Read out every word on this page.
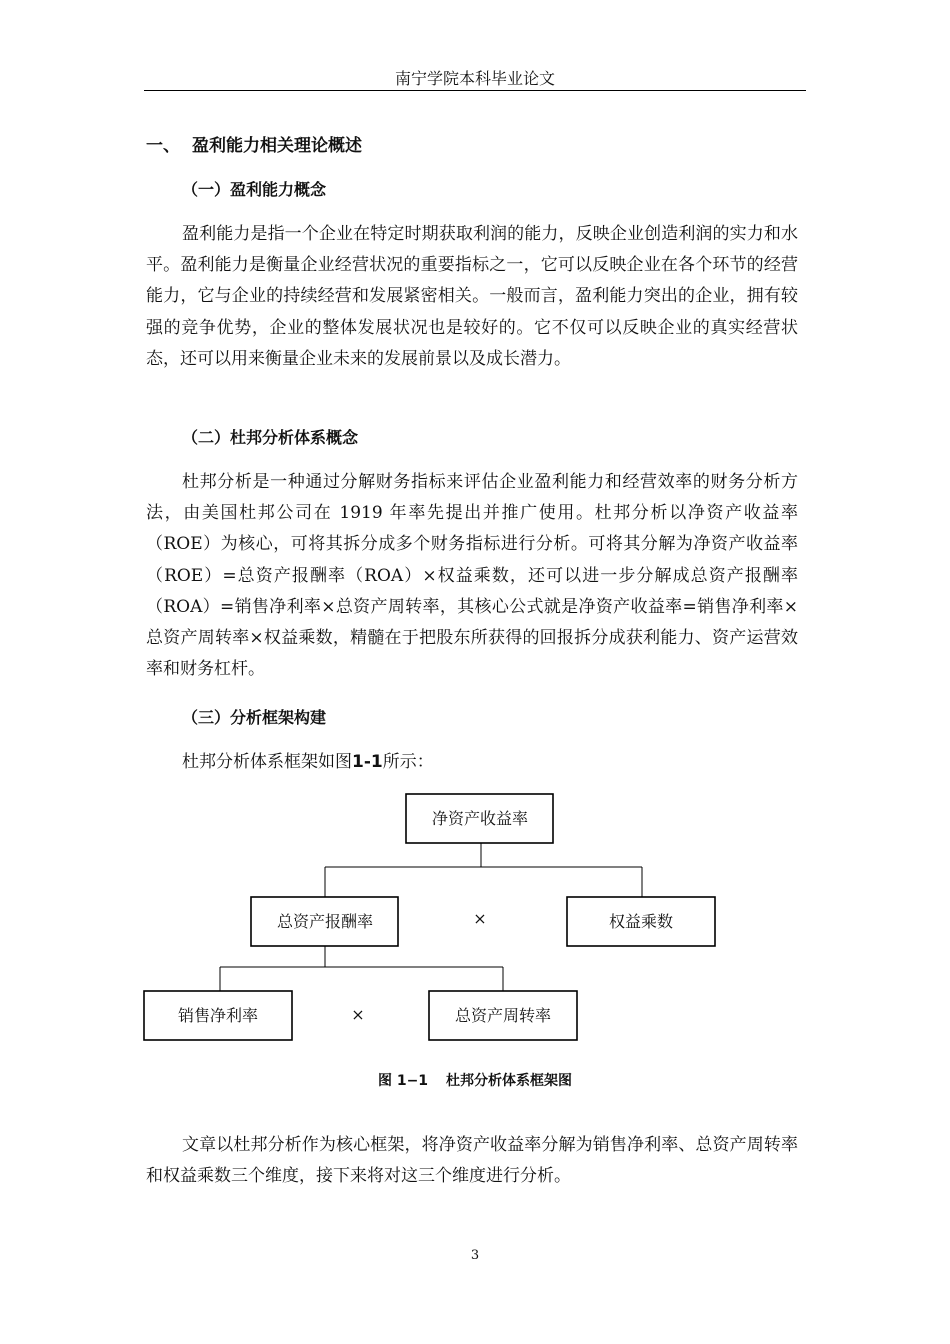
南宁学院本科毕业论文
一、 盈利能力相关理论概述
（一）盈利能力概念
盈利能力是指一个企业在特定时期获取利润的能力，反映企业创造利润的实力和水平。盈利能力是衡量企业经营状况的重要指标之一，它可以反映企业在各个环节的经营能力，它与企业的持续经营和发展紧密相关。一般而言，盈利能力突出的企业，拥有较强的竞争优势，企业的整体发展状况也是较好的。它不仅可以反映企业的真实经营状态，还可以用来衡量企业未来的发展前景以及成长潜力。
（二）杜邦分析体系概念
杜邦分析是一种通过分解财务指标来评估企业盈利能力和经营效率的财务分析方法，由美国杜邦公司在 1919 年率先提出并推广使用。杜邦分析以净资产收益率（ROE）为核心，可将其拆分成多个财务指标进行分析。可将其分解为净资产收益率（ROE）=总资产报酬率（ROA）×权益乘数，还可以进一步分解成总资产报酬率（ROA）=销售净利率×总资产周转率，其核心公式就是净资产收益率=销售净利率×总资产周转率×权益乘数，精髓在于把股东所获得的回报拆分成获利能力、资产运营效率和财务杠杆。
（三）分析框架构建
杜邦分析体系框架如图1-1所示：
净资产收益率
总资产报酬率	权益乘数
销售净利率	总资产周转率
×
×
图 1−1 杜邦分析体系框架图
文章以杜邦分析作为核心框架，将净资产收益率分解为销售净利率、总资产周转率和权益乘数三个维度，接下来将对这三个维度进行分析。
3
